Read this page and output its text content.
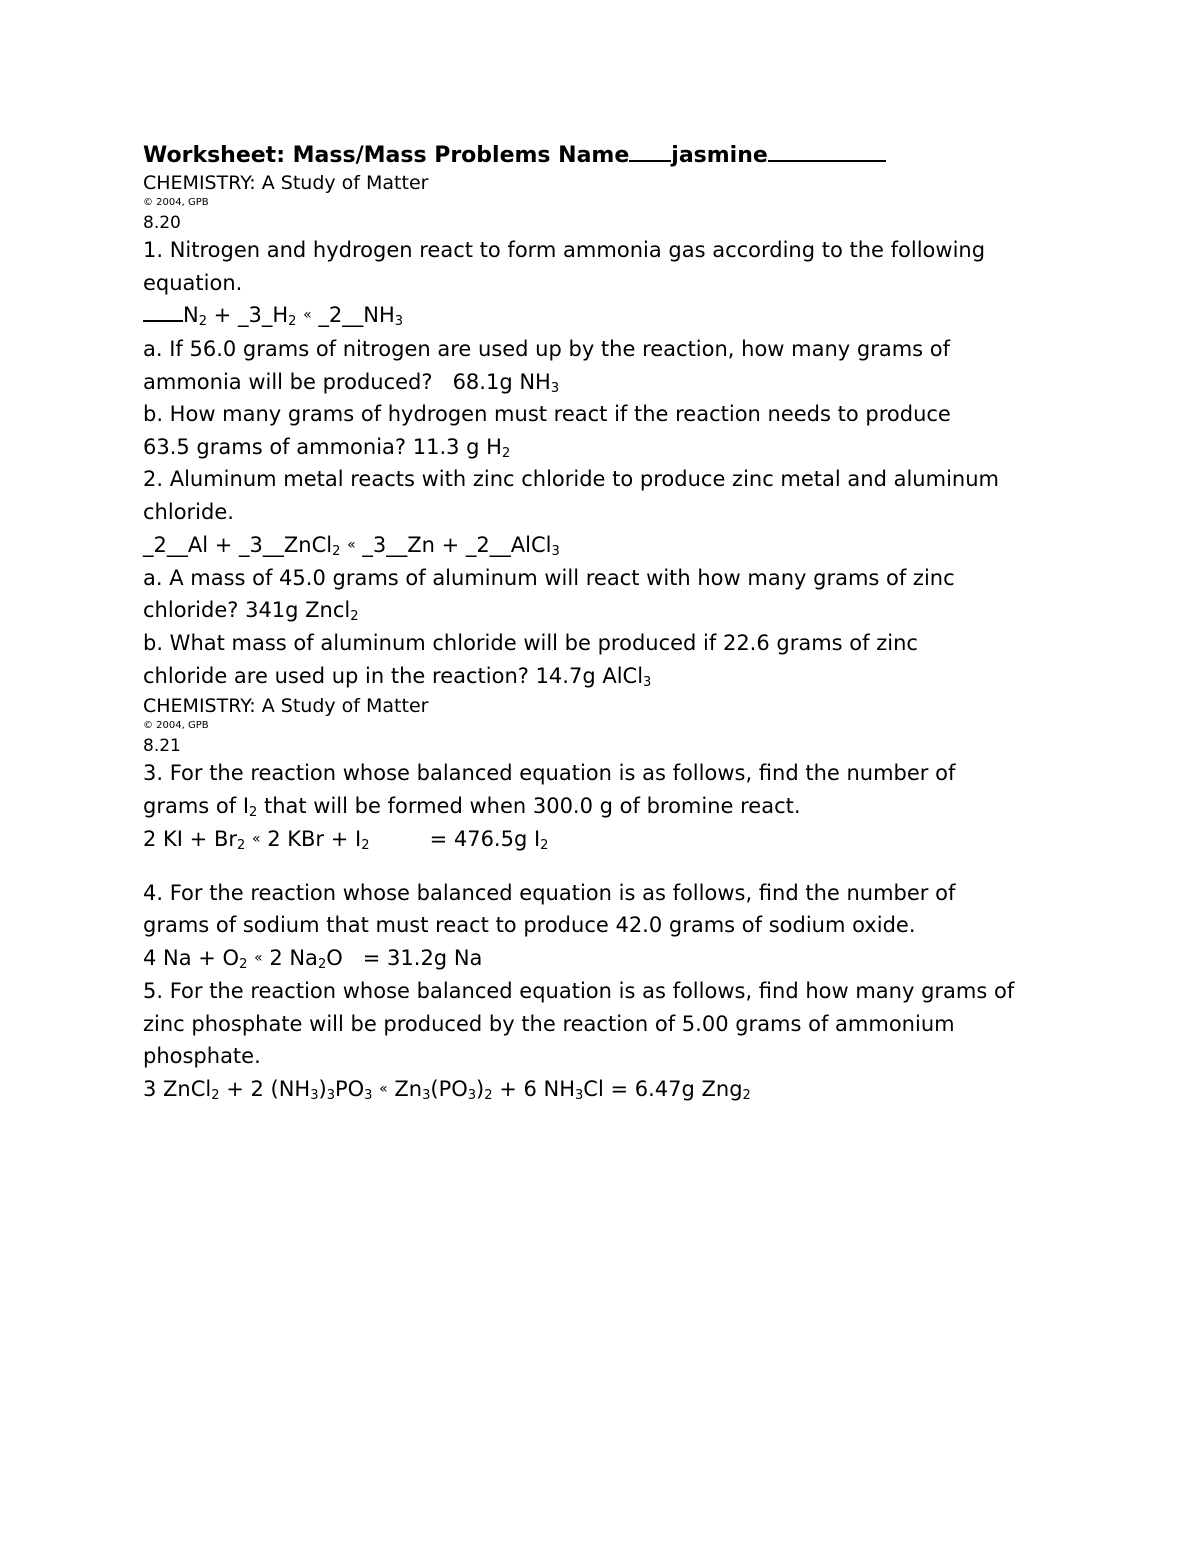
Worksheet: Mass/Mass Problems Name jasmine

CHEMISTRY: A Study of Matter

© 2004, GPB

8.20

1. Nitrogen and hydrogen react to form ammonia gas according to the following

equation.

$N_2$ + $\_3\_H_2$ « $\_2\_\_NH_3$

a. If 56.0 grams of nitrogen are used up by the reaction, how many grams of

ammonia will be produced? 68.1g $NH_3$

b. How many grams of hydrogen must react if the reaction needs to produce

63.5 grams of ammonia? 11.3 g $H_2$

2. Aluminum metal reacts with zinc chloride to produce zinc metal and aluminum

chloride.

_2__Al + _3__ZnCl$_2$ « _3__Zn + _2__AlCl$_3$

a. A mass of 45.0 grams of aluminum will react with how many grams of zinc

chloride? 341g Zncl$_2$

b. What mass of aluminum chloride will be produced if 22.6 grams of zinc

chloride are used up in the reaction? 14.7g AlCl$_3$

CHEMISTRY: A Study of Matter

© 2004, GPB

8.21

3. For the reaction whose balanced equation is as follows, find the number of

grams of $I_2$ that will be formed when 300.0 g of bromine react.

2 KI + $Br_2$ « 2 KBr + $I_2$	= 476.5g $I_2$

4. For the reaction whose balanced equation is as follows, find the number of

grams of sodium that must react to produce 42.0 grams of sodium oxide.

4 $Na + O_2$ « 2 $Na_2O = 31.2g$ Na

5. For the reaction whose balanced equation is as follows, find how many grams of

zinc phosphate will be produced by the reaction of 5.00 grams of ammonium

phosphate.

3 ZnCl$_2$ + 2 $(NH_3)_3PO_3$ « $Zn_3(PO_3)_2 + 6$ $NH_3Cl = 6.47g$ Zng$_2$
